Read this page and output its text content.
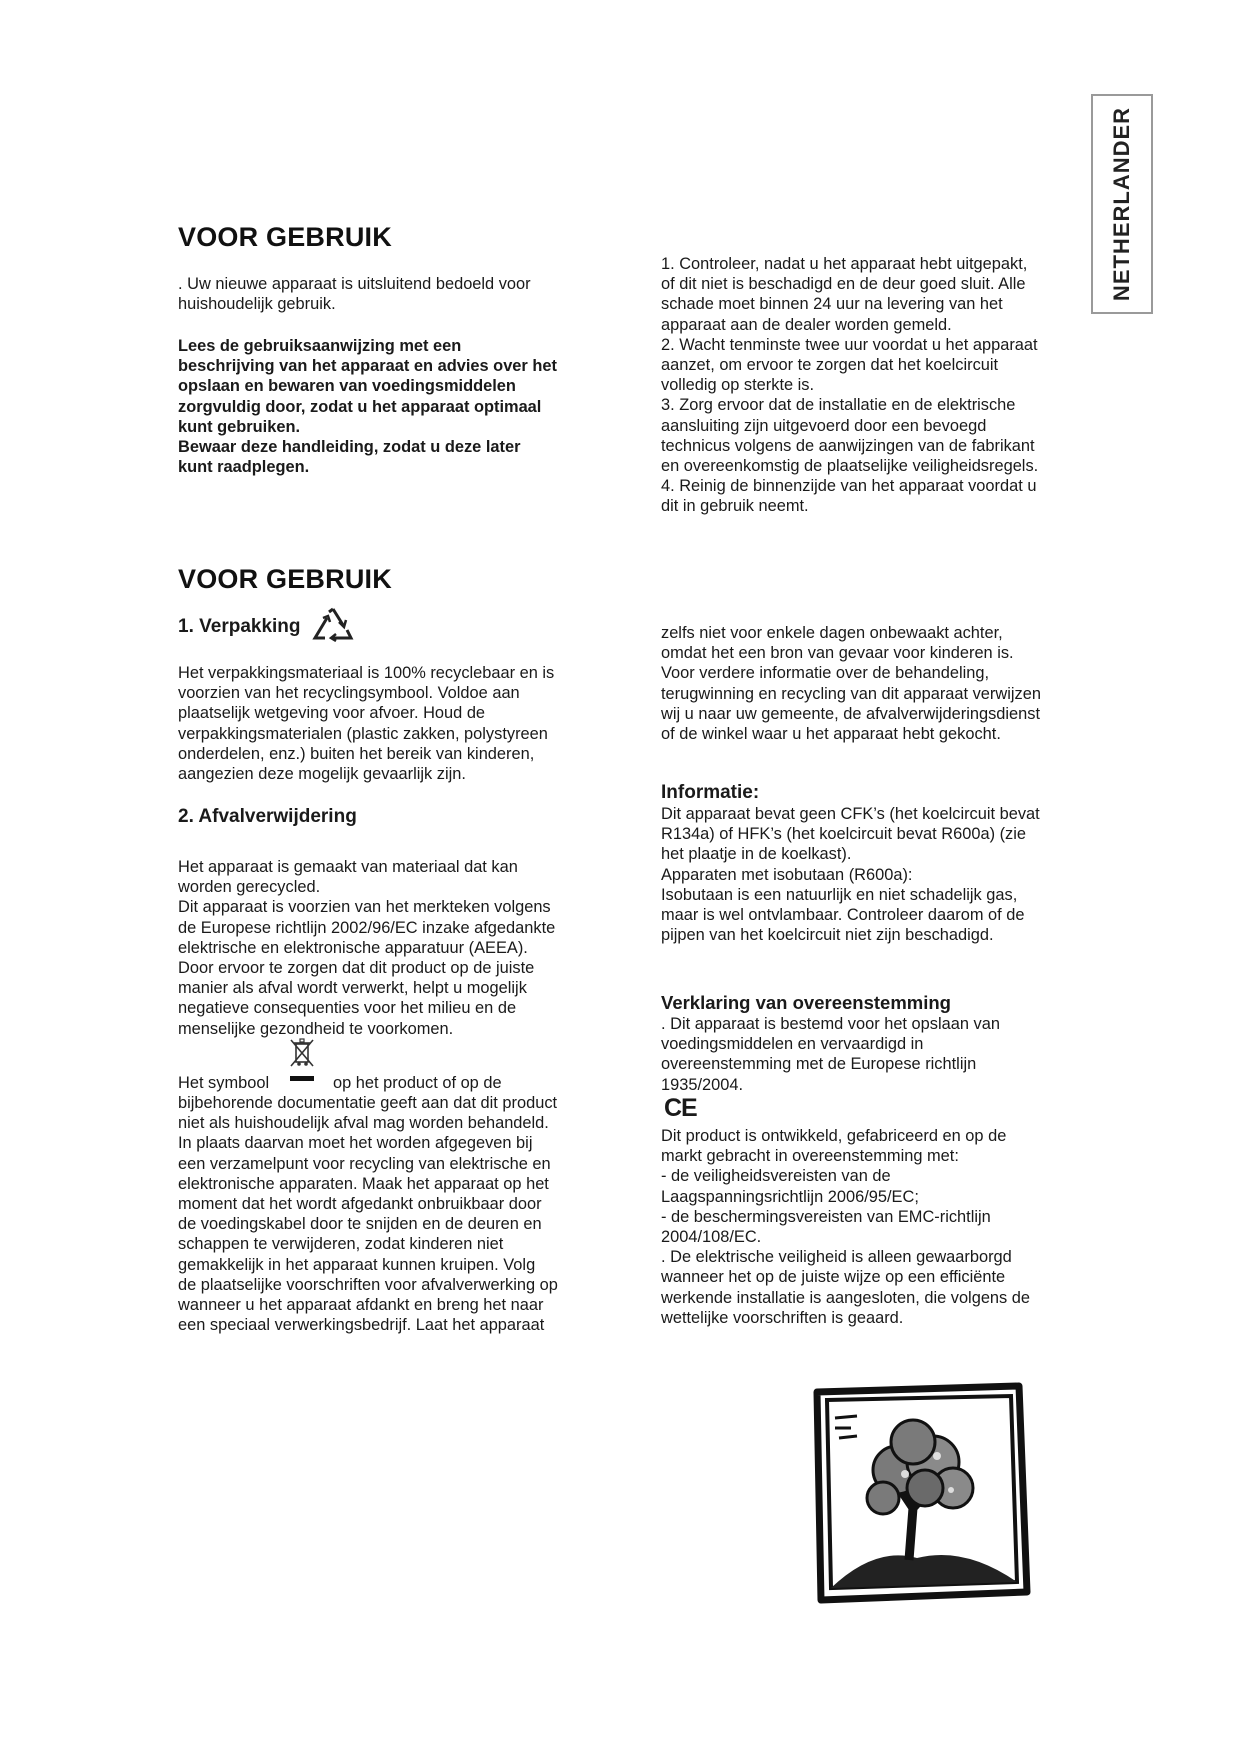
NETHERLANDER
VOOR GEBRUIK

. Uw nieuwe apparaat is uitsluitend bedoeld voor huishoudelijk gebruik.

Lees de gebruiksaanwijzing met een
beschrijving van het apparaat en advies over het
opslaan en bewaren van voedingsmiddelen
zorgvuldig door, zodat u het apparaat optimaal
kunt gebruiken.
Bewaar deze handleiding, zodat u deze later
kunt raadplegen.
1. Controleer, nadat u het apparaat hebt uitgepakt,
of dit niet is beschadigd en de deur goed sluit. Alle
schade moet binnen 24 uur na levering van het
apparaat aan de dealer worden gemeld.
2. Wacht tenminste twee uur voordat u het apparaat
aanzet, om ervoor te zorgen dat het koelcircuit
volledig op sterkte is.
3. Zorg ervoor dat de installatie en de elektrische
aansluiting zijn uitgevoerd door een bevoegd
technicus volgens de aanwijzingen van de fabrikant
en overeenkomstig de plaatselijke veiligheidsregels.
4. Reinig de binnenzijde van het apparaat voordat u
dit in gebruik neemt.
VOOR GEBRUIK
1. Verpakking
Het verpakkingsmateriaal is 100% recyclebaar en is
voorzien van het recyclingsymbool. Voldoe aan
plaatselijk wetgeving voor afvoer. Houd de
verpakkingsmaterialen (plastic zakken, polystyreen
onderdelen, enz.) buiten het bereik van kinderen,
aangezien deze mogelijk gevaarlijk zijn.
2. Afvalverwijdering
Het apparaat is gemaakt van materiaal dat kan
worden gerecycled.
Dit apparaat is voorzien van het merkteken volgens
de Europese richtlijn 2002/96/EC inzake afgedankte
elektrische en elektronische apparatuur (AEEA).
Door ervoor te zorgen dat dit product op de juiste
manier als afval wordt verwerkt, helpt u mogelijk
negatieve consequenties voor het milieu en de
menselijke gezondheid te voorkomen.
Het symbool	op het product of op de
bijbehorende documentatie geeft aan dat dit product
niet als huishoudelijk afval mag worden behandeld.
In plaats daarvan moet het worden afgegeven bij
een verzamelpunt voor recycling van elektrische en
elektronische apparaten. Maak het apparaat op het
moment dat het wordt afgedankt onbruikbaar door
de voedingskabel door te snijden en de deuren en
schappen te verwijderen, zodat kinderen niet
gemakkelijk in het apparaat kunnen kruipen. Volg
de plaatselijke voorschriften voor afvalverwerking op
wanneer u het apparaat afdankt en breng het naar
een speciaal verwerkingsbedrijf. Laat het apparaat
zelfs niet voor enkele dagen onbewaakt achter,
omdat het een bron van gevaar voor kinderen is.
Voor verdere informatie over de behandeling,
terugwinning en recycling van dit apparaat verwijzen
wij u naar uw gemeente, de afvalverwijderingsdienst
of de winkel waar u het apparaat hebt gekocht.
Informatie:
Dit apparaat bevat geen CFK’s (het koelcircuit bevat
R134a) of HFK’s (het koelcircuit bevat R600a) (zie
het plaatje in de koelkast).
Apparaten met isobutaan (R600a):
Isobutaan is een natuurlijk en niet schadelijk gas,
maar is wel ontvlambaar. Controleer daarom of de
pijpen van het koelcircuit niet zijn beschadigd.
Verklaring van overeenstemming
. Dit apparaat is bestemd voor het opslaan van
voedingsmiddelen en vervaardigd in
overeenstemming met de Europese richtlijn
1935/2004.
CE
Dit product is ontwikkeld, gefabriceerd en op de
markt gebracht in overeenstemming met:
- de veiligheidsvereisten van de
Laagspanningsrichtlijn 2006/95/EC;
- de beschermingsvereisten van EMC-richtlijn
2004/108/EC.
. De elektrische veiligheid is alleen gewaarborgd
wanneer het op de juiste wijze op een efficiënte
werkende installatie is aangesloten, die volgens de
wettelijke voorschriften is geaard.
